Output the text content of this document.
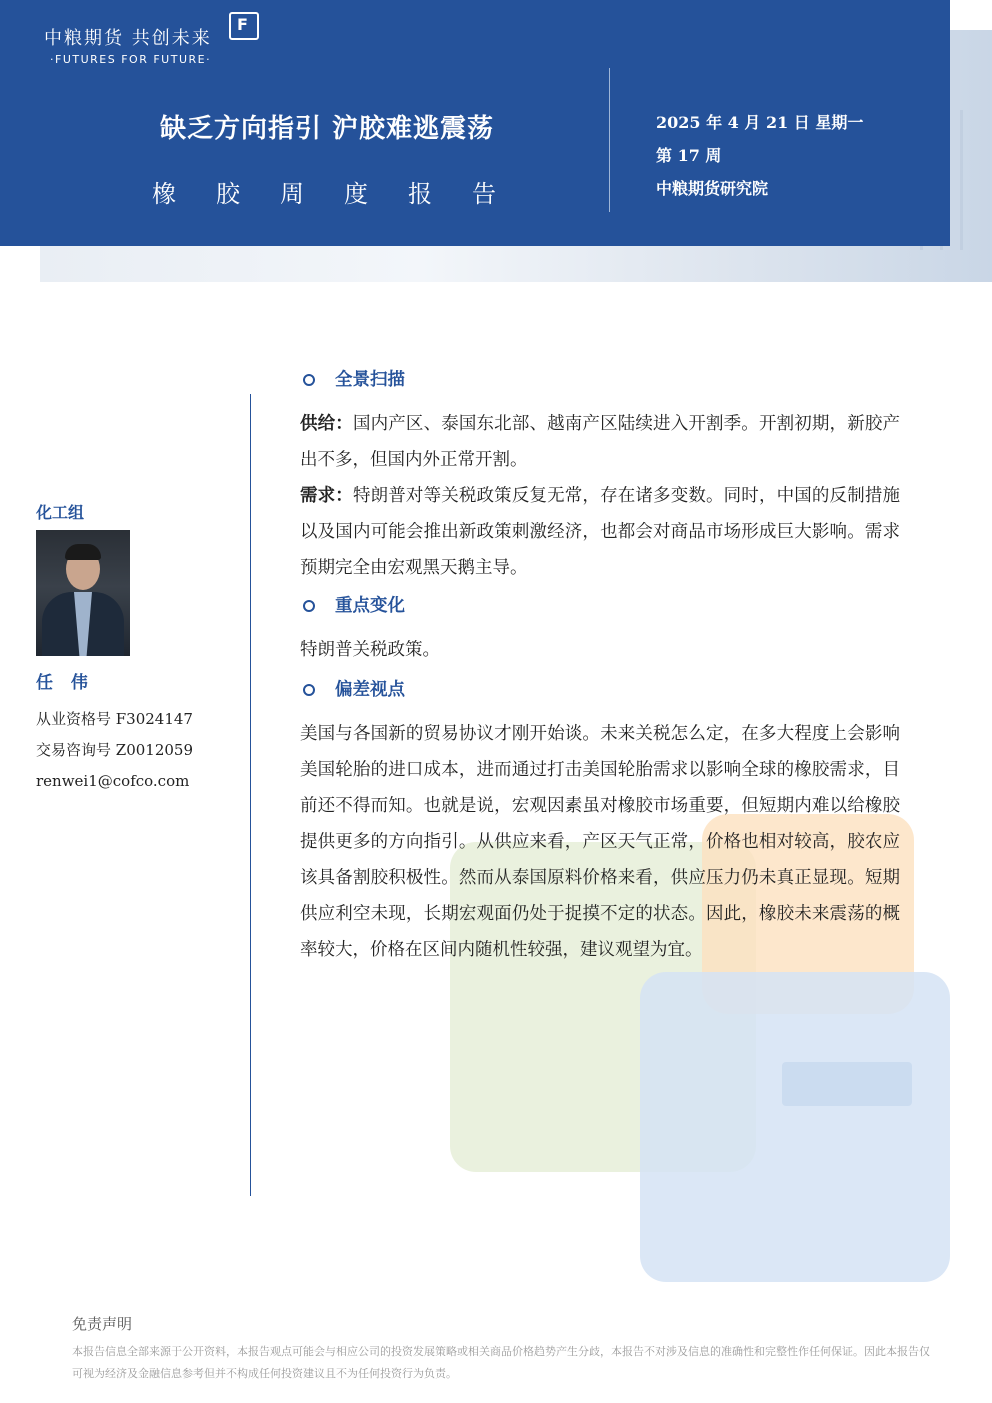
中粮期货 共创未来
·FUTURES FOR FUTURE·
F
缺乏方向指引 沪胶难逃震荡
橡胶周度报告
2025 年 4 月 21 日 星期一
第 17 周
中粮期货研究院
化工组
任 伟
从业资格号 F3024147
交易咨询号 Z0012059
renwei1@cofco.com
全景扫描

供给：国内产区、泰国东北部、越南产区陆续进入开割季。开割初期，新胶产出不多，但国内外正常开割。

需求：特朗普对等关税政策反复无常，存在诸多变数。同时，中国的反制措施以及国内可能会推出新政策刺激经济，也都会对商品市场形成巨大影响。需求预期完全由宏观黑天鹅主导。

重点变化

特朗普关税政策。

偏差视点

美国与各国新的贸易协议才刚开始谈。未来关税怎么定，在多大程度上会影响美国轮胎的进口成本，进而通过打击美国轮胎需求以影响全球的橡胶需求，目前还不得而知。也就是说，宏观因素虽对橡胶市场重要，但短期内难以给橡胶提供更多的方向指引。从供应来看，产区天气正常，价格也相对较高，胶农应该具备割胶积极性。然而从泰国原料价格来看，供应压力仍未真正显现。短期供应利空未现，长期宏观面仍处于捉摸不定的状态。因此，橡胶未来震荡的概率较大，价格在区间内随机性较强，建议观望为宜。

免责声明
本报告信息全部来源于公开资料，本报告观点可能会与相应公司的投资发展策略或相关商品价格趋势产生分歧，本报告不对涉及信息的准确性和完整性作任何保证。因此本报告仅可视为经济及金融信息参考但并不构成任何投资建议且不为任何投资行为负责。
